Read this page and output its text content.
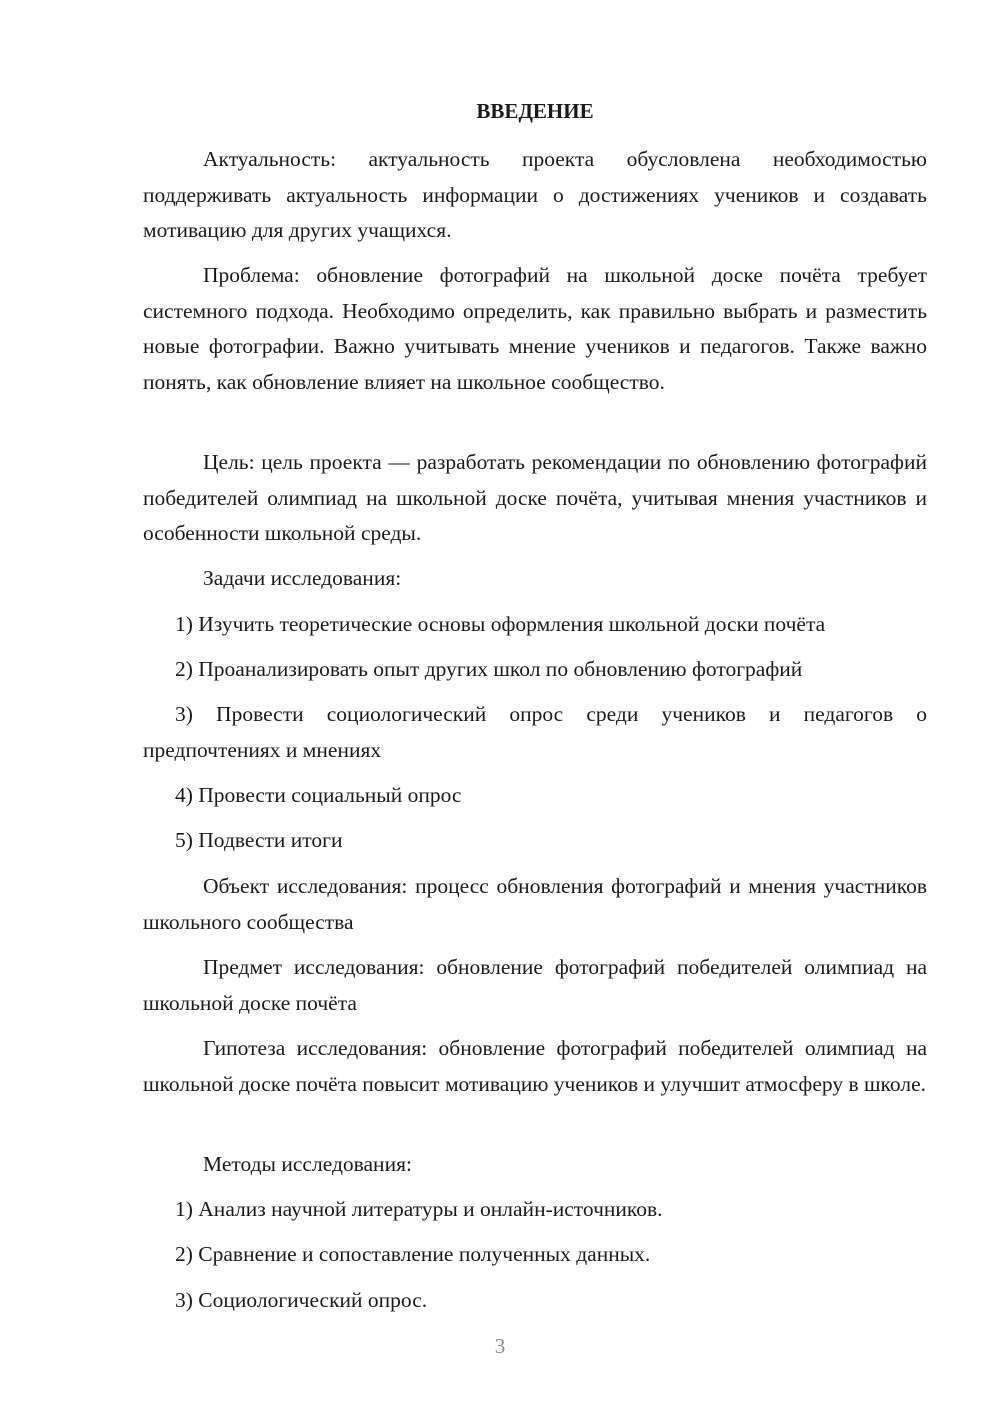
ВВЕДЕНИЕ

Актуальность: актуальность проекта обусловлена необходимостью поддерживать актуальность информации о достижениях учеников и создавать мотивацию для других учащихся.

Проблема: обновление фотографий на школьной доске почёта требует системного подхода. Необходимо определить, как правильно выбрать и разместить новые фотографии. Важно учитывать мнение учеников и педагогов. Также важно понять, как обновление влияет на школьное сообщество.

Цель: цель проекта — разработать рекомендации по обновлению фотографий победителей олимпиад на школьной доске почёта, учитывая мнения участников и особенности школьной среды.

Задачи исследования:

1) Изучить теоретические основы оформления школьной доски почёта

2) Проанализировать опыт других школ по обновлению фотографий

3) Провести социологический опрос среди учеников и педагогов о предпочтениях и мнениях

4) Провести социальный опрос

5) Подвести итоги

Объект исследования: процесс обновления фотографий и мнения участников школьного сообщества

Предмет исследования: обновление фотографий победителей олимпиад на школьной доске почёта

Гипотеза исследования: обновление фотографий победителей олимпиад на школьной доске почёта повысит мотивацию учеников и улучшит атмосферу в школе.

Методы исследования:

1) Анализ научной литературы и онлайн-источников.

2) Сравнение и сопоставление полученных данных.

3) Социологический опрос.

3
